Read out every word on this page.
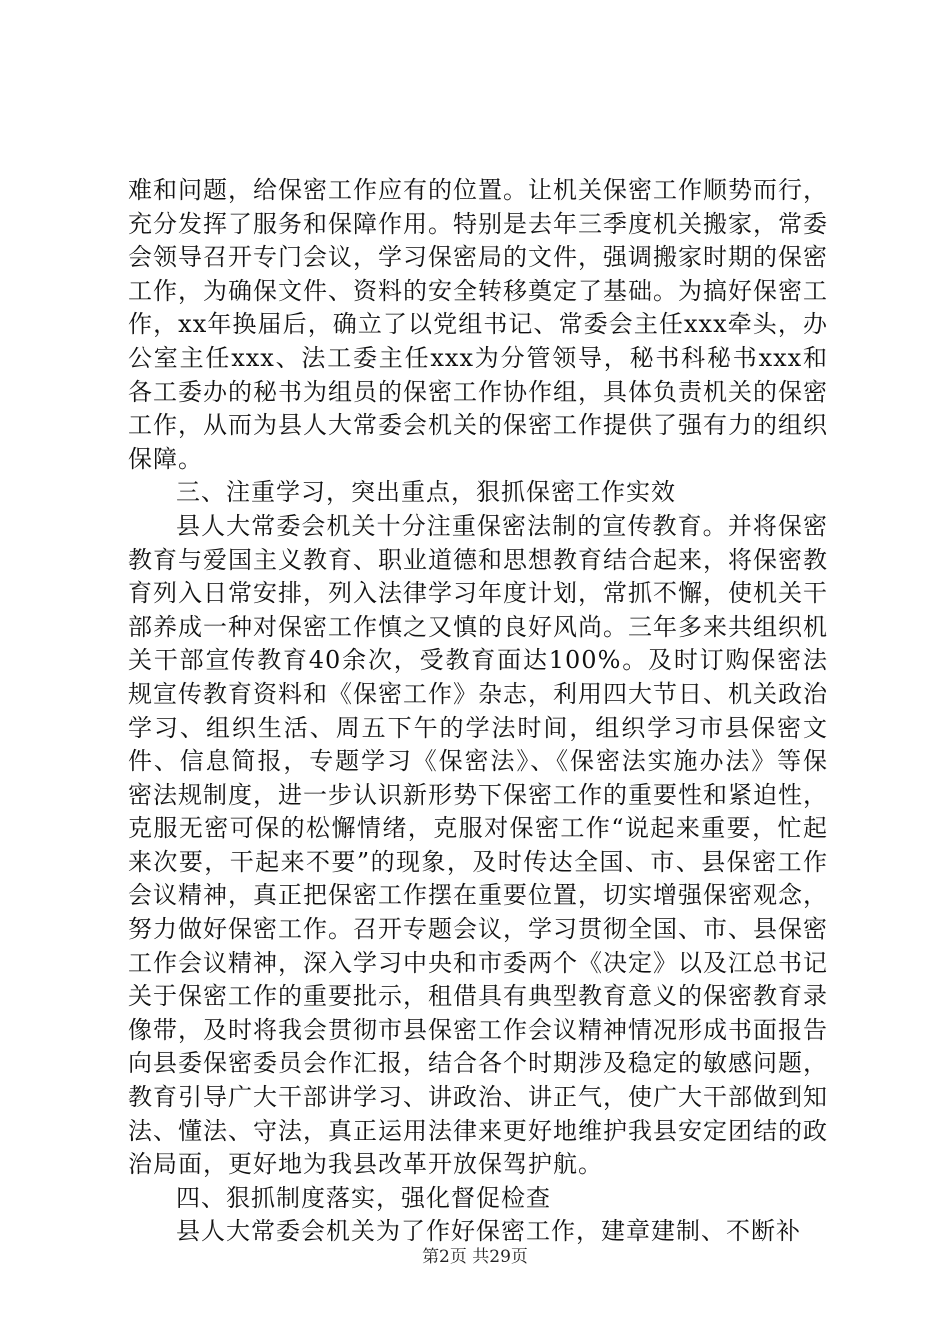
难和问题，给保密工作应有的位置。让机关保密工作顺势而行，充分发挥了服务和保障作用。特别是去年三季度机关搬家，常委会领导召开专门会议，学习保密局的文件，强调搬家时期的保密工作，为确保文件、资料的安全转移奠定了基础。为搞好保密工作，xx年换届后，确立了以党组书记、常委会主任xxx牵头，办公室主任xxx、法工委主任xxx为分管领导，秘书科秘书xxx和各工委办的秘书为组员的保密工作协作组，具体负责机关的保密工作，从而为县人大常委会机关的保密工作提供了强有力的组织保障。

三、注重学习，突出重点，狠抓保密工作实效

县人大常委会机关十分注重保密法制的宣传教育。并将保密教育与爱国主义教育、职业道德和思想教育结合起来，将保密教育列入日常安排，列入法律学习年度计划，常抓不懈，使机关干部养成一种对保密工作慎之又慎的良好风尚。三年多来共组织机关干部宣传教育40余次，受教育面达100%。及时订购保密法规宣传教育资料和《保密工作》杂志，利用四大节日、机关政治学习、组织生活、周五下午的学法时间，组织学习市县保密文件、信息简报，专题学习《保密法》、《保密法实施办法》等保密法规制度，进一步认识新形势下保密工作的重要性和紧迫性，克服无密可保的松懈情绪，克服对保密工作“说起来重要，忙起来次要，干起来不要”的现象，及时传达全国、市、县保密工作会议精神，真正把保密工作摆在重要位置，切实增强保密观念，努力做好保密工作。召开专题会议，学习贯彻全国、市、县保密工作会议精神，深入学习中央和市委两个《决定》以及江总书记关于保密工作的重要批示，租借具有典型教育意义的保密教育录像带，及时将我会贯彻市县保密工作会议精神情况形成书面报告向县委保密委员会作汇报，结合各个时期涉及稳定的敏感问题，教育引导广大干部讲学习、讲政治、讲正气，使广大干部做到知法、懂法、守法，真正运用法律来更好地维护我县安定团结的政治局面，更好地为我县改革开放保驾护航。

四、狠抓制度落实，强化督促检查

县人大常委会机关为了作好保密工作，建章建制、不断补

第2页 共29页
